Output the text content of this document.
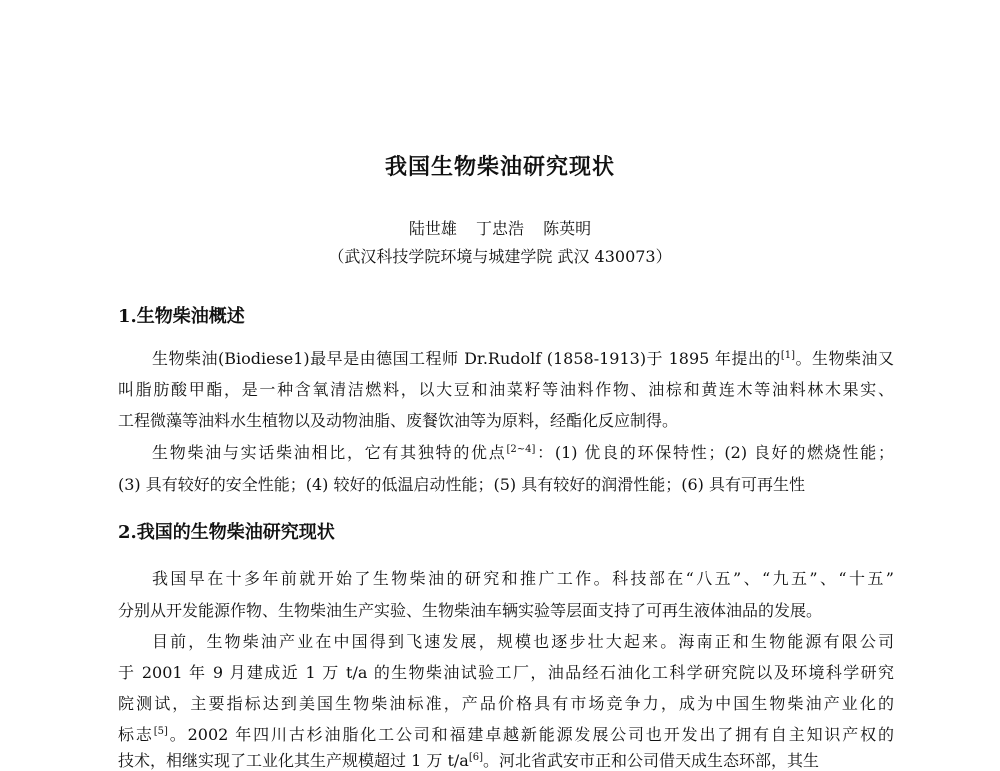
我国生物柴油研究现状
陆世雄 丁忠浩 陈英明
（武汉科技学院环境与城建学院 武汉 430073）
1.生物柴油概述
生物柴油(Biodiese1)最早是由德国工程师 Dr.Rudolf (1858-1913)于 1895 年提出的[1]。生物柴油又
叫脂肪酸甲酯，是一种含氧清洁燃料，以大豆和油菜籽等油料作物、油棕和黄连木等油料林木果实、
工程微藻等油料水生植物以及动物油脂、废餐饮油等为原料，经酯化反应制得。
生物柴油与实话柴油相比，它有其独特的优点[2~4]：(1) 优良的环保特性；(2) 良好的燃烧性能；
(3) 具有较好的安全性能；(4) 较好的低温启动性能；(5) 具有较好的润滑性能；(6) 具有可再生性
2.我国的生物柴油研究现状
我国早在十多年前就开始了生物柴油的研究和推广工作。科技部在“八五”、“九五”、“十五”
分别从开发能源作物、生物柴油生产实验、生物柴油车辆实验等层面支持了可再生液体油品的发展。
目前，生物柴油产业在中国得到飞速发展，规模也逐步壮大起来。海南正和生物能源有限公司
于 2001 年 9 月建成近 1 万 t/a 的生物柴油试验工厂，油品经石油化工科学研究院以及环境科学研究
院测试，主要指标达到美国生物柴油标准，产品价格具有市场竞争力，成为中国生物柴油产业化的
标志[5]。2002 年四川古杉油脂化工公司和福建卓越新能源发展公司也开发出了拥有自主知识产权的
技术，相继实现了工业化其生产规模超过 1 万 t/a[6]。河北省武安市正和公司借天成生态环部，其生
